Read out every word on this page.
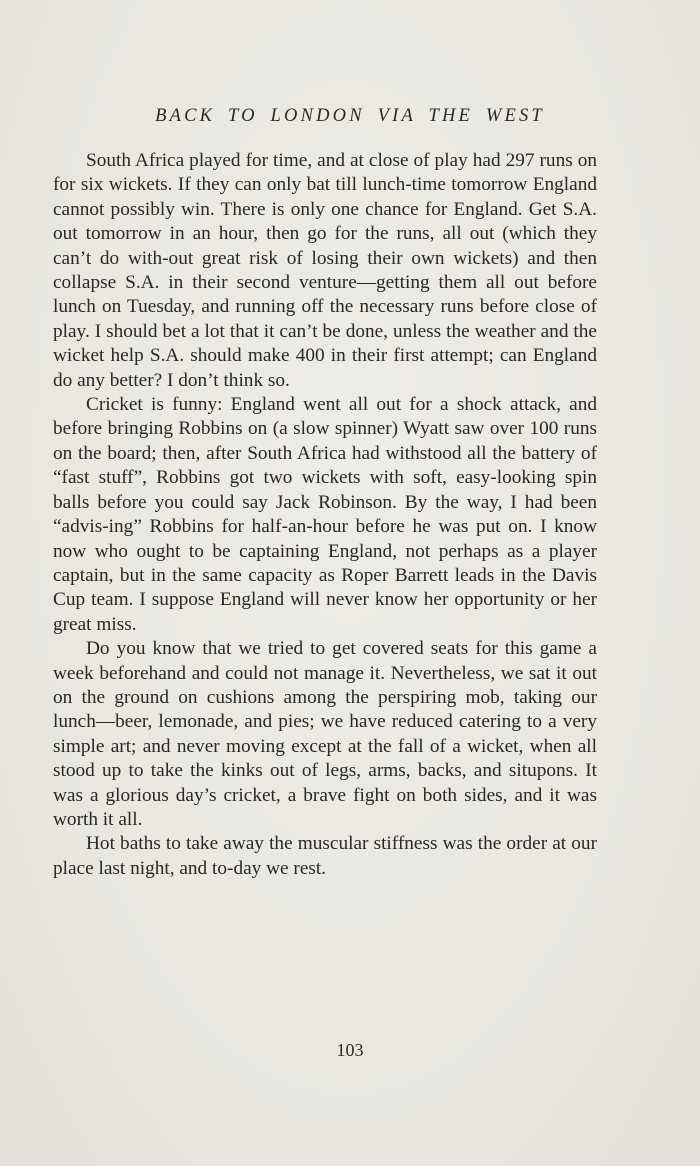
BACK TO LONDON VIA THE WEST

South Africa played for time, and at close of play had 297 runs on for six wickets. If they can only bat till lunch-time tomorrow England cannot possibly win. There is only one chance for England. Get S.A. out tomorrow in an hour, then go for the runs, all out (which they can’t do with-out great risk of losing their own wickets) and then collapse S.A. in their second venture—getting them all out before lunch on Tuesday, and running off the necessary runs before close of play. I should bet a lot that it can’t be done, unless the weather and the wicket help S.A. should make 400 in their first attempt; can England do any better? I don’t think so.

Cricket is funny: England went all out for a shock attack, and before bringing Robbins on (a slow spinner) Wyatt saw over 100 runs on the board; then, after South Africa had withstood all the battery of “fast stuff”, Robbins got two wickets with soft, easy-looking spin balls before you could say Jack Robinson. By the way, I had been “advis-ing” Robbins for half-an-hour before he was put on. I know now who ought to be captaining England, not perhaps as a player captain, but in the same capacity as Roper Barrett leads in the Davis Cup team. I suppose England will never know her opportunity or her great miss.

Do you know that we tried to get covered seats for this game a week beforehand and could not manage it. Nevertheless, we sat it out on the ground on cushions among the perspiring mob, taking our lunch—beer, lemonade, and pies; we have reduced catering to a very simple art; and never moving except at the fall of a wicket, when all stood up to take the kinks out of legs, arms, backs, and situpons. It was a glorious day’s cricket, a brave fight on both sides, and it was worth it all.

Hot baths to take away the muscular stiffness was the order at our place last night, and to-day we rest.

103
